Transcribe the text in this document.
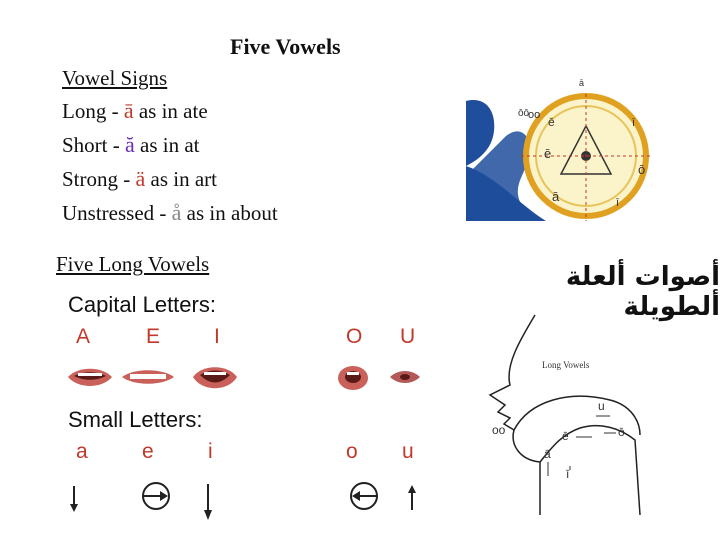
Five Vowels
Vowel Signs
Long - ā as in ate
Short - ă as in at
Strong - ä as in art
Unstressed - å as in about
oo
ōō
ē
ē
ā
ī
ō
ī
ā
Five Long Vowels
Capital Letters:
A	E	I	O U
Small Letters:
a	e	i	o u
أصوات ألعلة ألطويلة
Long Vowels
u
oo	ē	ō
ā
ī
